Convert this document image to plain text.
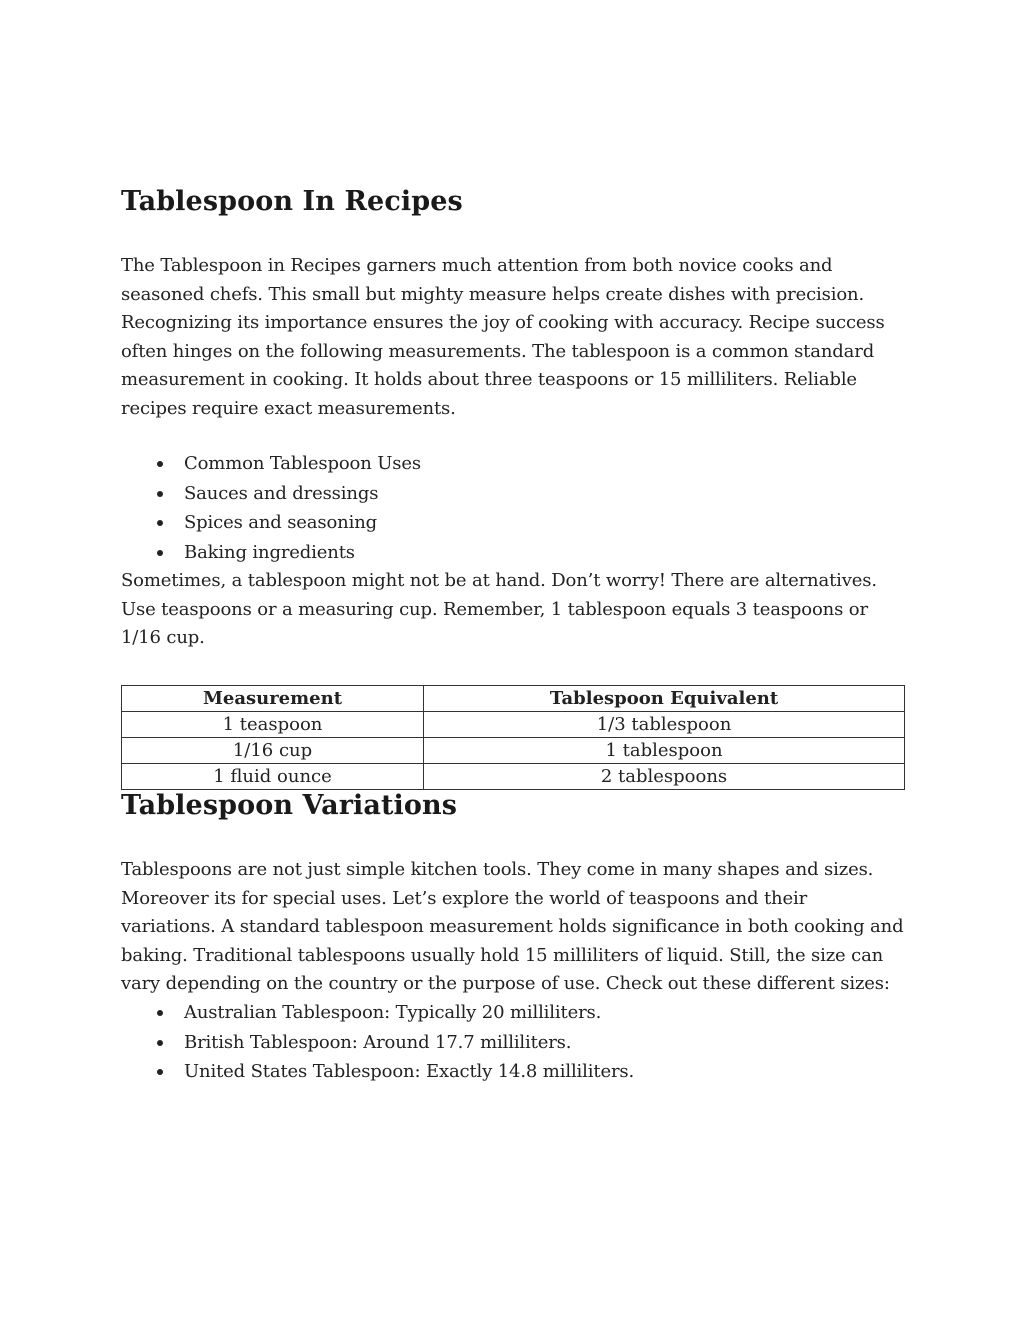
Tablespoon In Recipes

The Tablespoon in Recipes garners much attention from both novice cooks and seasoned chefs. This small but mighty measure helps create dishes with precision. Recognizing its importance ensures the joy of cooking with accuracy. Recipe success often hinges on the following measurements. The tablespoon is a common standard measurement in cooking. It holds about three teaspoons or 15 milliliters. Reliable recipes require exact measurements.

Common Tablespoon Uses
Sauces and dressings
Spices and seasoning
Baking ingredients

Sometimes, a tablespoon might not be at hand. Don’t worry! There are alternatives. Use teaspoons or a measuring cup. Remember, 1 tablespoon equals 3 teaspoons or 1/16 cup.

Measurement	Tablespoon Equivalent
1 teaspoon	1/3 tablespoon
1/16 cup	1 tablespoon
1 fluid ounce	2 tablespoons
Tablespoon Variations

Tablespoons are not just simple kitchen tools. They come in many shapes and sizes. Moreover its for special uses. Let’s explore the world of teaspoons and their variations. A standard tablespoon measurement holds significance in both cooking and baking. Traditional tablespoons usually hold 15 milliliters of liquid. Still, the size can vary depending on the country or the purpose of use. Check out these different sizes:

Australian Tablespoon: Typically 20 milliliters.
British Tablespoon: Around 17.7 milliliters.
United States Tablespoon: Exactly 14.8 milliliters.
